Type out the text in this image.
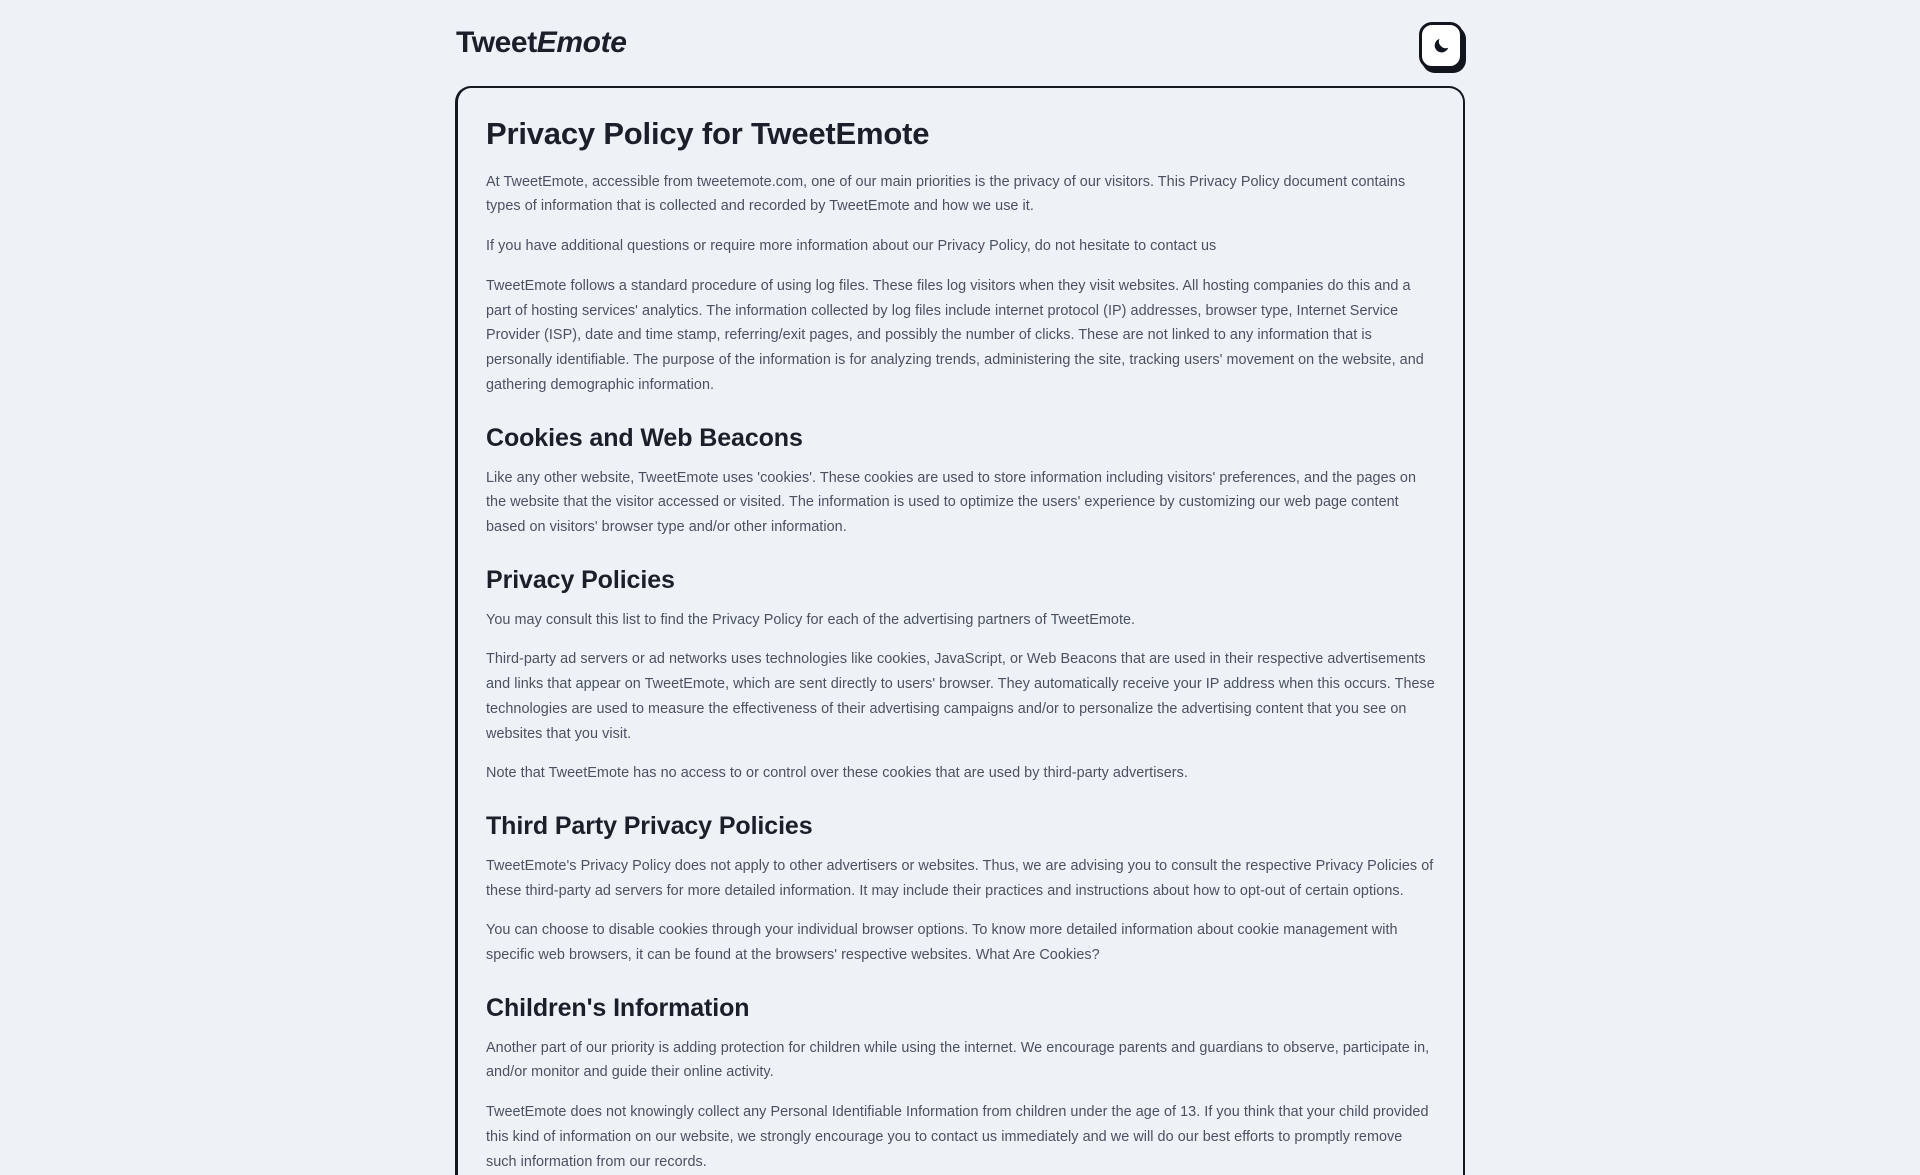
TweetEmote
Privacy Policy for TweetEmote

At TweetEmote, accessible from tweetemote.com, one of our main priorities is the privacy of our visitors. This Privacy Policy document contains types of information that is collected and recorded by TweetEmote and how we use it.

If you have additional questions or require more information about our Privacy Policy, do not hesitate to contact us

TweetEmote follows a standard procedure of using log files. These files log visitors when they visit websites. All hosting companies do this and a part of hosting services' analytics. The information collected by log files include internet protocol (IP) addresses, browser type, Internet Service Provider (ISP), date and time stamp, referring/exit pages, and possibly the number of clicks. These are not linked to any information that is personally identifiable. The purpose of the information is for analyzing trends, administering the site, tracking users' movement on the website, and gathering demographic information.

Cookies and Web Beacons

Like any other website, TweetEmote uses 'cookies'. These cookies are used to store information including visitors' preferences, and the pages on the website that the visitor accessed or visited. The information is used to optimize the users' experience by customizing our web page content based on visitors' browser type and/or other information.

Privacy Policies

You may consult this list to find the Privacy Policy for each of the advertising partners of TweetEmote.

Third-party ad servers or ad networks uses technologies like cookies, JavaScript, or Web Beacons that are used in their respective advertisements and links that appear on TweetEmote, which are sent directly to users' browser. They automatically receive your IP address when this occurs. These technologies are used to measure the effectiveness of their advertising campaigns and/or to personalize the advertising content that you see on websites that you visit.

Note that TweetEmote has no access to or control over these cookies that are used by third-party advertisers.

Third Party Privacy Policies

TweetEmote's Privacy Policy does not apply to other advertisers or websites. Thus, we are advising you to consult the respective Privacy Policies of these third-party ad servers for more detailed information. It may include their practices and instructions about how to opt-out of certain options.

You can choose to disable cookies through your individual browser options. To know more detailed information about cookie management with specific web browsers, it can be found at the browsers' respective websites. What Are Cookies?

Children's Information

Another part of our priority is adding protection for children while using the internet. We encourage parents and guardians to observe, participate in, and/or monitor and guide their online activity.

TweetEmote does not knowingly collect any Personal Identifiable Information from children under the age of 13. If you think that your child provided this kind of information on our website, we strongly encourage you to contact us immediately and we will do our best efforts to promptly remove such information from our records.
